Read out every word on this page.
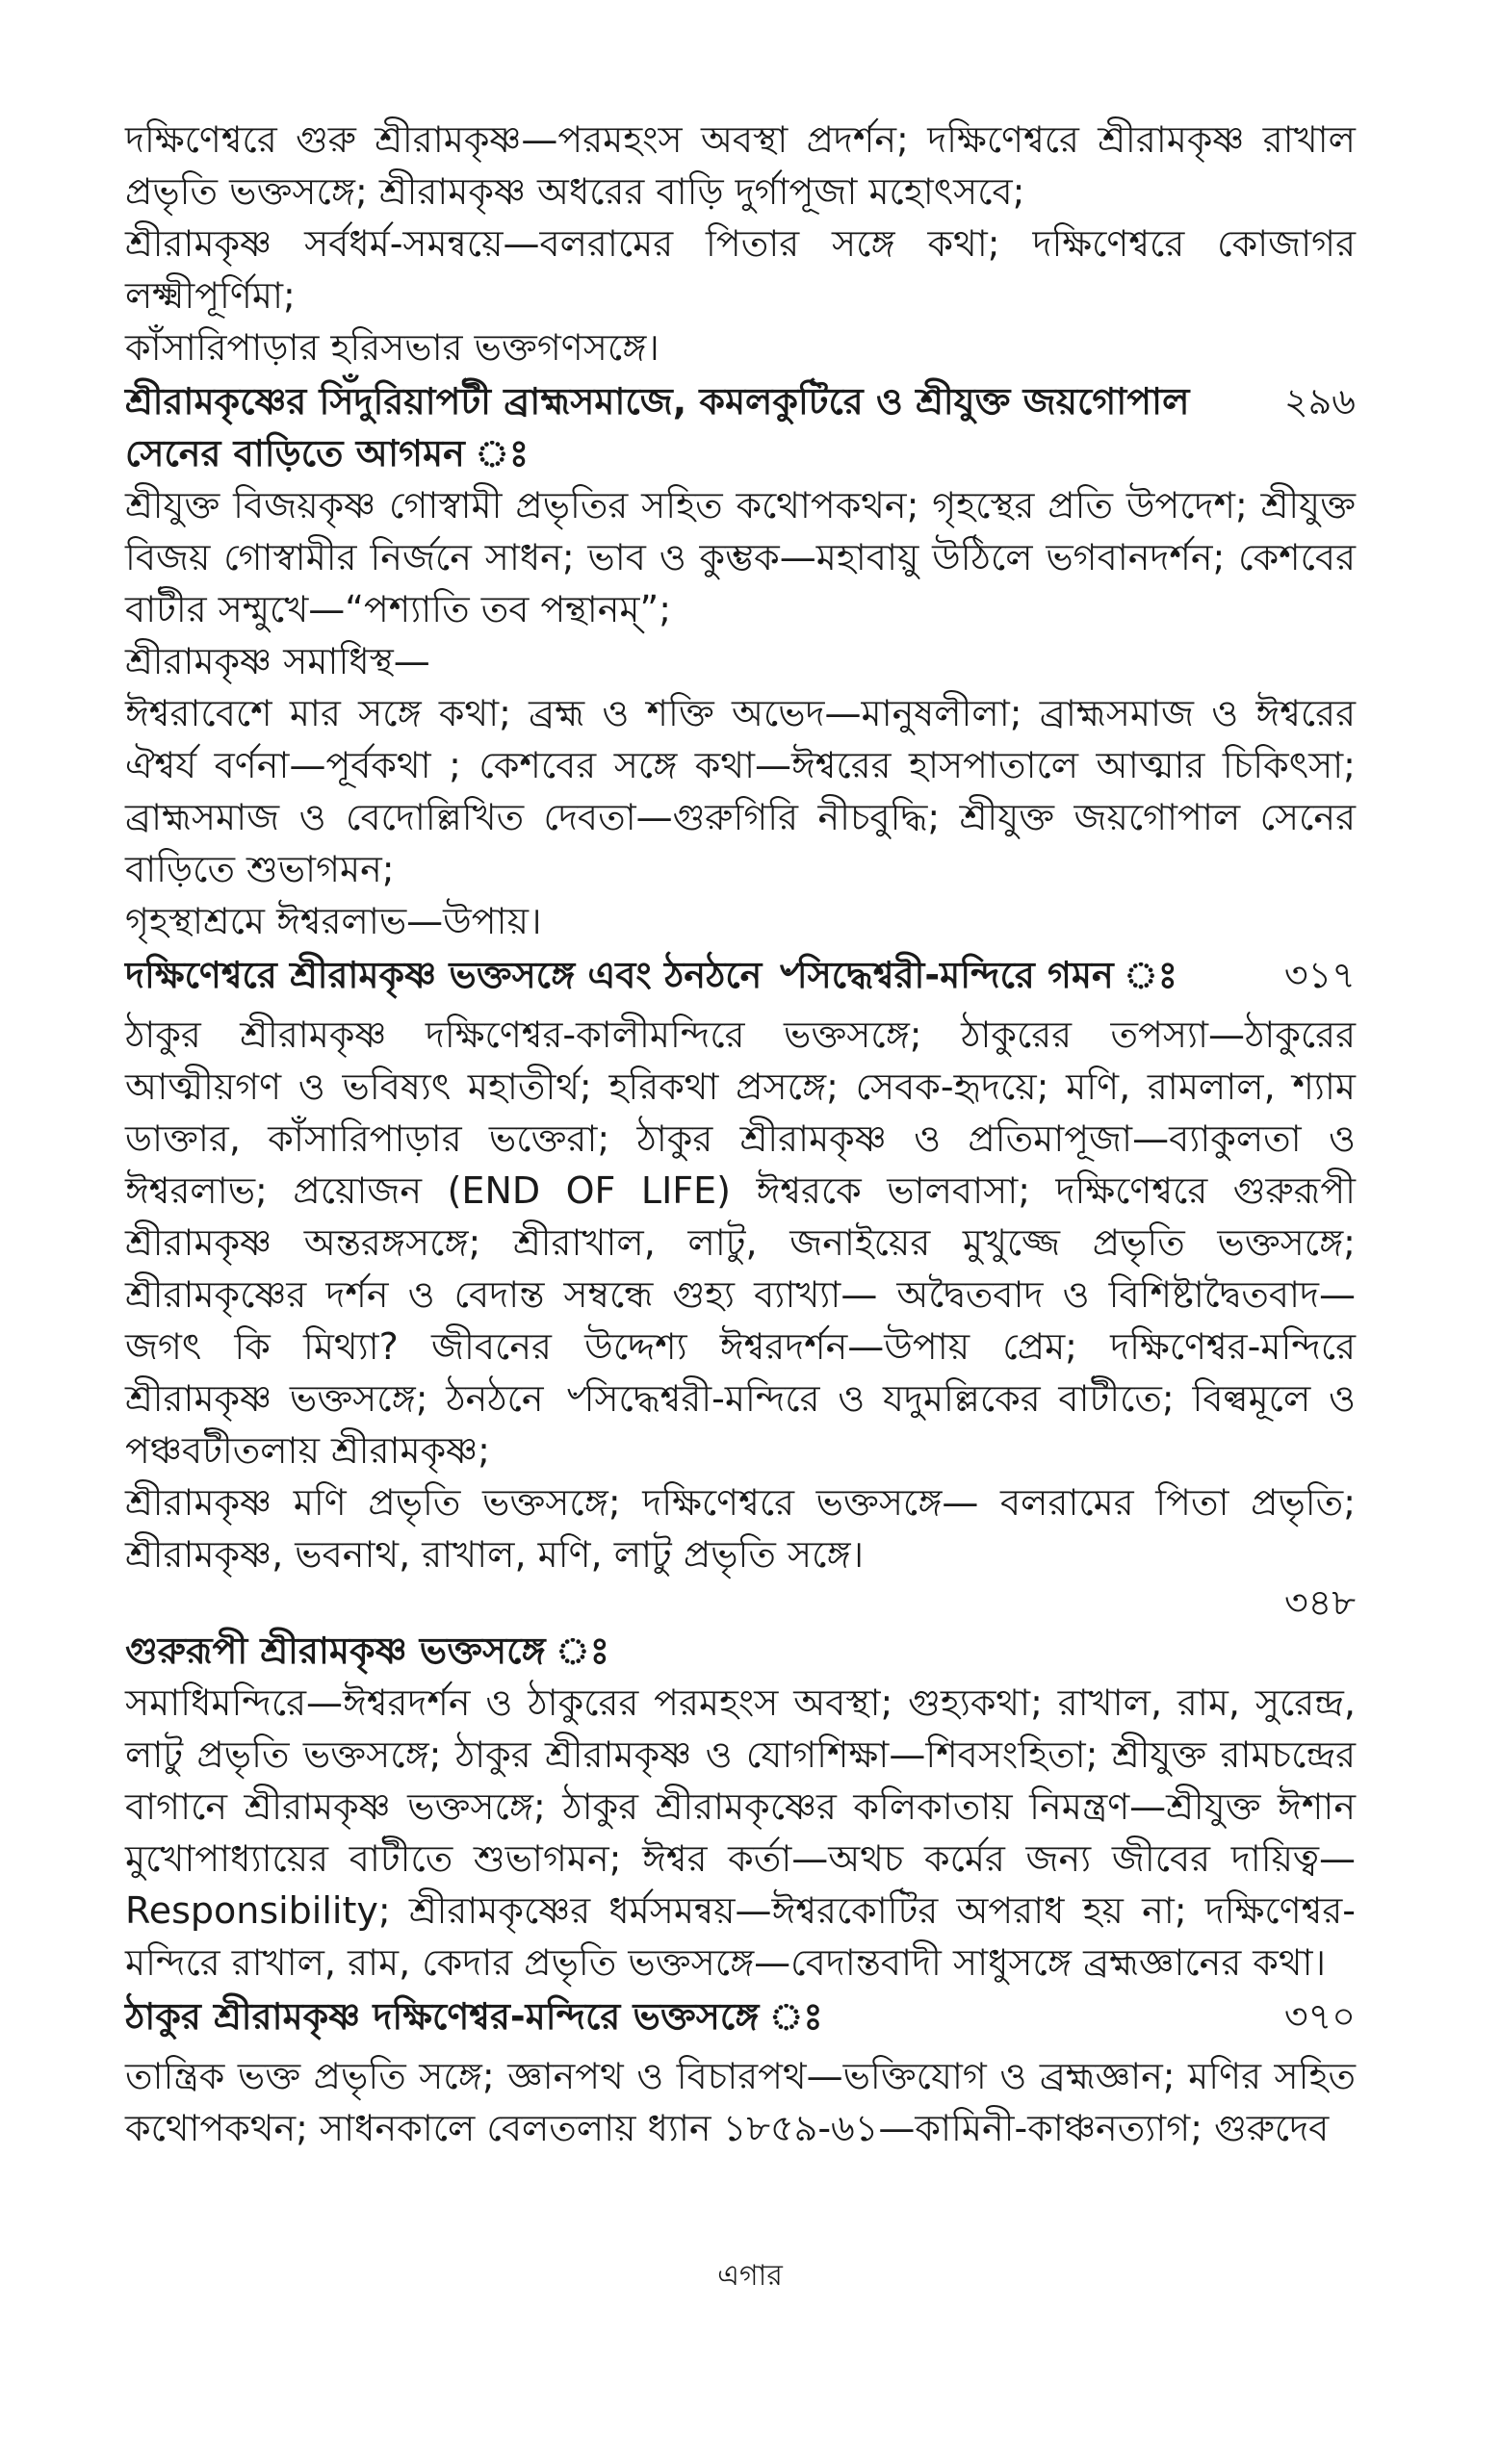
দক্ষিণেশ্বরে গুরু শ্রীরামকৃষ্ণ—পরমহংস অবস্থা প্রদর্শন; দক্ষিণেশ্বরে শ্রীরামকৃষ্ণ রাখাল প্রভৃতি ভক্তসঙ্গে; শ্রীরামকৃষ্ণ অধরের বাড়ি দুর্গাপূজা মহোৎসবে;

শ্রীরামকৃষ্ণ সর্বধর্ম-সমন্বয়ে—বলরামের পিতার সঙ্গে কথা; দক্ষিণেশ্বরে কোজাগর লক্ষ্মীপূর্ণিমা;

কাঁসারিপাড়ার হরিসভার ভক্তগণসঙ্গে।

শ্রীরামকৃষ্ণের সিঁদুরিয়াপটী ব্রাহ্মসমাজে, কমলকুটিরে ও শ্রীযুক্ত জয়গোপাল সেনের বাড়িতে আগমন ঃ

২৯৬

শ্রীযুক্ত বিজয়কৃষ্ণ গোস্বামী প্রভৃতির সহিত কথোপকথন; গৃহস্থের প্রতি উপদেশ; শ্রীযুক্ত বিজয় গোস্বামীর নির্জনে সাধন; ভাব ও কুম্ভক—মহাবায়ু উঠিলে ভগবানদর্শন; কেশবের বাটীর সম্মুখে—“পশ্যাতি তব পন্থানম্”;

শ্রীরামকৃষ্ণ সমাধিস্থ—

ঈশ্বরাবেশে মার সঙ্গে কথা; ব্রহ্ম ও শক্তি অভেদ—মানুষলীলা; ব্রাহ্মসমাজ ও ঈশ্বরের ঐশ্বর্য বর্ণনা—পূর্বকথা ; কেশবের সঙ্গে কথা—ঈশ্বরের হাসপাতালে আত্মার চিকিৎসা; ব্রাহ্মসমাজ ও বেদোল্লিখিত দেবতা—গুরুগিরি নীচবুদ্ধি; শ্রীযুক্ত জয়গোপাল সেনের বাড়িতে শুভাগমন;

গৃহস্থাশ্রমে ঈশ্বরলাভ—উপায়।

দক্ষিণেশ্বরে শ্রীরামকৃষ্ণ ভক্তসঙ্গে এবং ঠনঠনে ৺সিদ্ধেশ্বরী-মন্দিরে গমন ঃ	৩১৭

ঠাকুর শ্রীরামকৃষ্ণ দক্ষিণেশ্বর-কালীমন্দিরে ভক্তসঙ্গে; ঠাকুরের তপস্যা—ঠাকুরের আত্মীয়গণ ও ভবিষ্যৎ মহাতীর্থ; হরিকথা প্রসঙ্গে; সেবক-হৃদয়ে; মণি, রামলাল, শ্যাম ডাক্তার, কাঁসারিপাড়ার ভক্তেরা; ঠাকুর শ্রীরামকৃষ্ণ ও প্রতিমাপূজা—ব্যাকুলতা ও ঈশ্বরলাভ; প্রয়োজন (END OF LIFE) ঈশ্বরকে ভালবাসা; দক্ষিণেশ্বরে গুরুরূপী শ্রীরামকৃষ্ণ অন্তরঙ্গসঙ্গে; শ্রীরাখাল, লাটু, জনাইয়ের মুখুজ্জে প্রভৃতি ভক্তসঙ্গে; শ্রীরামকৃষ্ণের দর্শন ও বেদান্ত সম্বন্ধে গুহ্য ব্যাখ্যা— অদ্বৈতবাদ ও বিশিষ্টাদ্বৈতবাদ—জগৎ কি মিথ্যা? জীবনের উদ্দেশ্য ঈশ্বরদর্শন—উপায় প্রেম; দক্ষিণেশ্বর-মন্দিরে শ্রীরামকৃষ্ণ ভক্তসঙ্গে; ঠনঠনে ৺সিদ্ধেশ্বরী-মন্দিরে ও যদুমল্লিকের বাটীতে; বিল্বমূলে ও পঞ্চবটীতলায় শ্রীরামকৃষ্ণ;

শ্রীরামকৃষ্ণ মণি প্রভৃতি ভক্তসঙ্গে; দক্ষিণেশ্বরে ভক্তসঙ্গে— বলরামের পিতা প্রভৃতি; শ্রীরামকৃষ্ণ, ভবনাথ, রাখাল, মণি, লাটু প্রভৃতি সঙ্গে।

৩৪৮

গুরুরূপী শ্রীরামকৃষ্ণ ভক্তসঙ্গে ঃ

সমাধিমন্দিরে—ঈশ্বরদর্শন ও ঠাকুরের পরমহংস অবস্থা; গুহ্যকথা; রাখাল, রাম, সুরেন্দ্র, লাটু প্রভৃতি ভক্তসঙ্গে; ঠাকুর শ্রীরামকৃষ্ণ ও যোগশিক্ষা—শিবসংহিতা; শ্রীযুক্ত রামচন্দ্রের বাগানে শ্রীরামকৃষ্ণ ভক্তসঙ্গে; ঠাকুর শ্রীরামকৃষ্ণের কলিকাতায় নিমন্ত্রণ—শ্রীযুক্ত ঈশান মুখোপাধ্যায়ের বাটীতে শুভাগমন; ঈশ্বর কর্তা—অথচ কর্মের জন্য জীবের দায়িত্ব— Responsibility; শ্রীরামকৃষ্ণের ধর্মসমন্বয়—ঈশ্বরকোটির অপরাধ হয় না; দক্ষিণেশ্বর-মন্দিরে রাখাল, রাম, কেদার প্রভৃতি ভক্তসঙ্গে—বেদান্তবাদী সাধুসঙ্গে ব্রহ্মজ্ঞানের কথা।

ঠাকুর শ্রীরামকৃষ্ণ দক্ষিণেশ্বর-মন্দিরে ভক্তসঙ্গে ঃ	৩৭০

তান্ত্রিক ভক্ত প্রভৃতি সঙ্গে; জ্ঞানপথ ও বিচারপথ—ভক্তিযোগ ও ব্রহ্মজ্ঞান; মণির সহিত কথোপকথন; সাধনকালে বেলতলায় ধ্যান ১৮৫৯-৬১—কামিনী-কাঞ্চনত্যাগ; গুরুদেব

এগার
